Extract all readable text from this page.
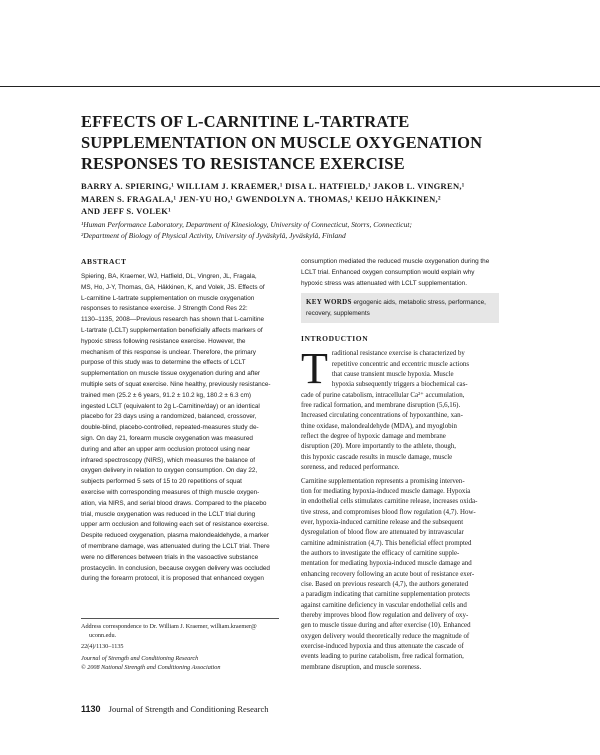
EFFECTS OF L-CARNITINE L-TARTRATE
SUPPLEMENTATION ON MUSCLE OXYGENATION
RESPONSES TO RESISTANCE EXERCISE
BARRY A. SPIERING,¹ WILLIAM J. KRAEMER,¹ DISA L. HATFIELD,¹ JAKOB L. VINGREN,¹
MAREN S. FRAGALA,¹ JEN-YU HO,¹ GWENDOLYN A. THOMAS,¹ KEIJO HÄKKINEN,²
AND JEFF S. VOLEK¹
¹Human Performance Laboratory, Department of Kinesiology, University of Connecticut, Storrs, Connecticut;
²Department of Biology of Physical Activity, University of Jyväskylä, Jyväskylä, Finland
ABSTRACT
Spiering, BA, Kraemer, WJ, Hatfield, DL, Vingren, JL, Fragala,
MS, Ho, J-Y, Thomas, GA, Häkkinen, K, and Volek, JS. Effects of
L-carnitine L-tartrate supplementation on muscle oxygenation
responses to resistance exercise. J Strength Cond Res 22:
1130–1135, 2008—Previous research has shown that L-carnitine
L-tartrate (LCLT) supplementation beneficially affects markers of
hypoxic stress following resistance exercise. However, the
mechanism of this response is unclear. Therefore, the primary
purpose of this study was to determine the effects of LCLT
supplementation on muscle tissue oxygenation during and after
multiple sets of squat exercise. Nine healthy, previously resistance-
trained men (25.2 ± 6 years, 91.2 ± 10.2 kg, 180.2 ± 6.3 cm)
ingested LCLT (equivalent to 2g L-Carnitine/day) or an identical
placebo for 23 days using a randomized, balanced, crossover,
double-blind, placebo-controlled, repeated-measures study de-
sign. On day 21, forearm muscle oxygenation was measured
during and after an upper arm occlusion protocol using near
infrared spectroscopy (NIRS), which measures the balance of
oxygen delivery in relation to oxygen consumption. On day 22,
subjects performed 5 sets of 15 to 20 repetitions of squat
exercise with corresponding measures of thigh muscle oxygen-
ation, via NIRS, and serial blood draws. Compared to the placebo
trial, muscle oxygenation was reduced in the LCLT trial during
upper arm occlusion and following each set of resistance exercise.
Despite reduced oxygenation, plasma malondealdehyde, a marker
of membrane damage, was attenuated during the LCLT trial. There
were no differences between trials in the vasoactive substance
prostacyclin. In conclusion, because oxygen delivery was occluded
during the forearm protocol, it is proposed that enhanced oxygen
consumption mediated the reduced muscle oxygenation during the
LCLT trial. Enhanced oxygen consumption would explain why
hypoxic stress was attenuated with LCLT supplementation.
KEY WORDS ergogenic aids, metabolic stress, performance,
recovery, supplements
INTRODUCTION
T raditional resistance exercise is characterized by
repetitive concentric and eccentric muscle actions
that cause transient muscle hypoxia. Muscle
hypoxia subsequently triggers a biochemical cas-
cade of purine catabolism, intracellular Ca²⁺ accumulation,
free radical formation, and membrane disruption (5,6,16).
Increased circulating concentrations of hypoxanthine, xan-
thine oxidase, malondealdehyde (MDA), and myoglobin
reflect the degree of hypoxic damage and membrane
disruption (20). More importantly to the athlete, though,
this hypoxic cascade results in muscle damage, muscle
soreness, and reduced performance.
Carnitine supplementation represents a promising interven-
tion for mediating hypoxia-induced muscle damage. Hypoxia
in endothelial cells stimulates carnitine release, increases oxida-
tive stress, and compromises blood flow regulation (4,7). How-
ever, hypoxia-induced carnitine release and the subsequent
dysregulation of blood flow are attenuated by intravascular
carnitine administration (4,7). This beneficial effect prompted
the authors to investigate the efficacy of carnitine supple-
mentation for mediating hypoxia-induced muscle damage and
enhancing recovery following an acute bout of resistance exer-
cise. Based on previous research (4,7), the authors generated
a paradigm indicating that carnitine supplementation protects
against carnitine deficiency in vascular endothelial cells and
thereby improves blood flow regulation and delivery of oxy-
gen to muscle tissue during and after exercise (10). Enhanced
oxygen delivery would theoretically reduce the magnitude of
exercise-induced hypoxia and thus attenuate the cascade of
events leading to purine catabolism, free radical formation,
membrane disruption, and muscle soreness.
Address correspondence to Dr. William J. Kraemer, william.kraemer@
uconn.edu.
22(4)/1130–1135
Journal of Strength and Conditioning Research
© 2008 National Strength and Conditioning Association
1130 Journal of Strength and Conditioning Research
